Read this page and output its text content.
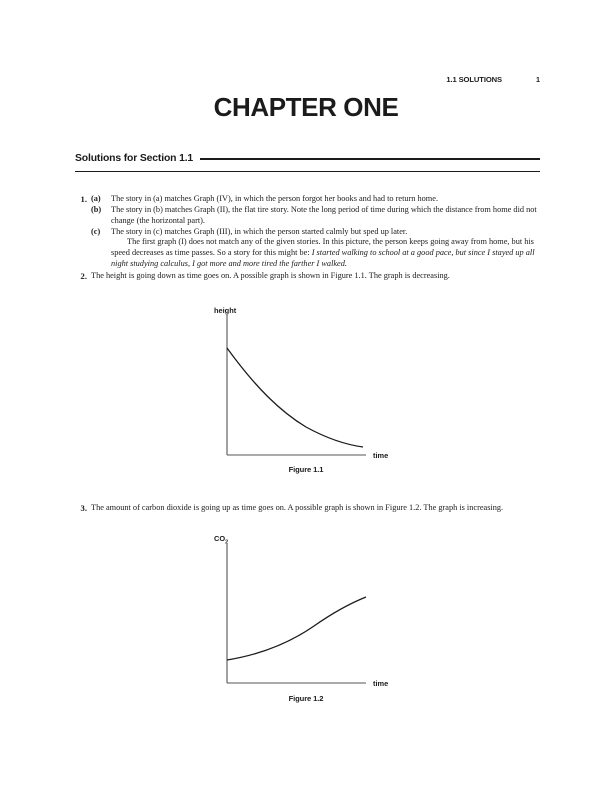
1.1 SOLUTIONS	1
CHAPTER ONE
Solutions for Section 1.1
1. (a)	The story in (a) matches Graph (IV), in which the person forgot her books and had to return home.
(b)	The story in (b) matches Graph (II), the flat tire story. Note the long period of time during which the distance from home did not change (the horizontal part).
(c)	The story in (c) matches Graph (III), in which the person started calmly but sped up later.
The first graph (I) does not match any of the given stories. In this picture, the person keeps going away from home, but his speed decreases as time passes. So a story for this might be: I started walking to school at a good pace, but since I stayed up all night studying calculus, I got more and more tired the farther I walked.
2. The height is going down as time goes on. A possible graph is shown in Figure 1.1. The graph is decreasing.
height
time
Figure 1.1
3. The amount of carbon dioxide is going up as time goes on. A possible graph is shown in Figure 1.2. The graph is increasing.
$CO_2$
time
Figure 1.2
